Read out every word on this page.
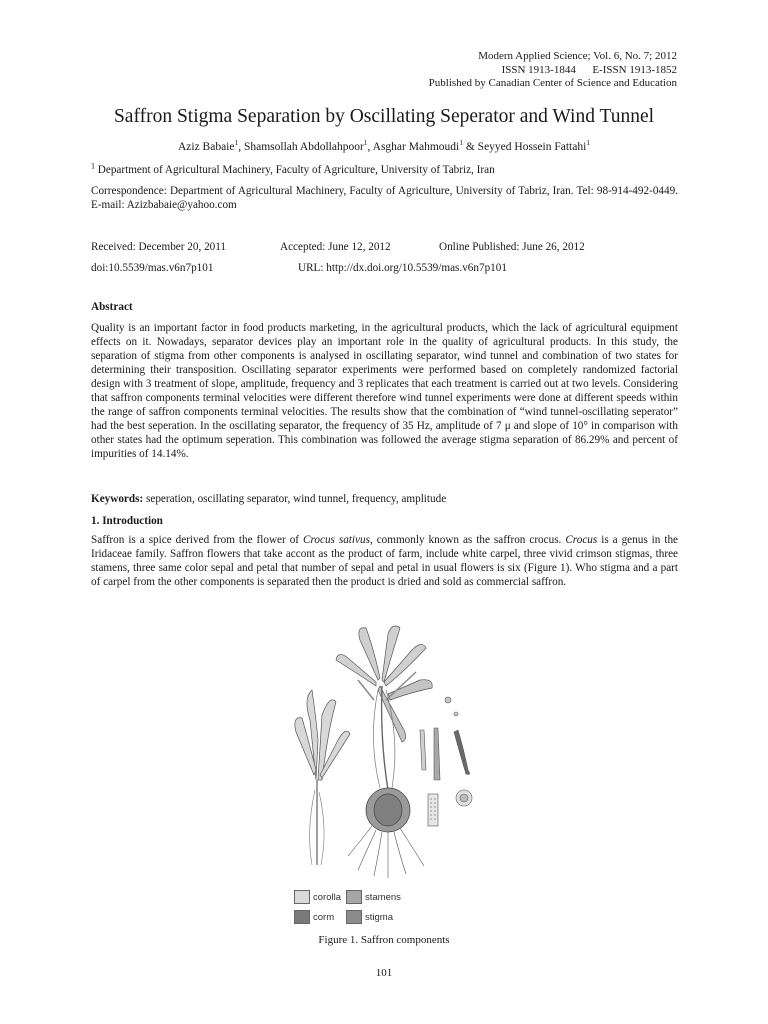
Modern Applied Science; Vol. 6, No. 7; 2012
ISSN 1913-1844      E-ISSN 1913-1852
Published by Canadian Center of Science and Education
Saffron Stigma Separation by Oscillating Seperator and Wind Tunnel
Aziz Babaie$^1$, Shamsollah Abdollahpoor$^1$, Asghar Mahmoudi$^1$ & Seyyed Hossein Fattahi$^1$
$^1$ Department of Agricultural Machinery, Faculty of Agriculture, University of Tabriz, Iran
Correspondence: Department of Agricultural Machinery, Faculty of Agriculture, University of Tabriz, Iran. Tel: 98-914-492-0449. E-mail: Azizbabaie@yahoo.com
Received: December 20, 2011	Accepted: June 12, 2012	Online Published: June 26, 2012
doi:10.5539/mas.v6n7p101	URL: http://dx.doi.org/10.5539/mas.v6n7p101
Abstract
Quality is an important factor in food products marketing, in the agricultural products, which the lack of agricultural equipment effects on it. Nowadays, separator devices play an important role in the quality of agricultural products. In this study, the separation of stigma from other components is analysed in oscillating separator, wind tunnel and combination of two states for determining their transposition. Oscillating separator experiments were performed based on completely randomized factorial design with 3 treatment of slope, amplitude, frequency and 3 replicates that each treatment is carried out at two levels. Considering that saffron components terminal velocities were different therefore wind tunnel experiments were done at different speeds within the range of saffron components terminal velocities. The results show that the combination of “wind tunnel-oscillating seperator” had the best seperation. In the oscillating separator, the frequency of 35 Hz, amplitude of 7 μ and slope of 10° in comparison with other states had the optimum seperation. This combination was followed the average stigma separation of 86.29% and percent of impurities of 14.14%.
Keywords: seperation, oscillating separator, wind tunnel, frequency, amplitude
1. Introduction
Saffron is a spice derived from the flower of Crocus sativus, commonly known as the saffron crocus. Crocus is a genus in the Iridaceae family. Saffron flowers that take accont as the product of farm, include white carpel, three vivid crimson stigmas, three stamens, three same color sepal and petal that number of sepal and petal in usual flowers is six (Figure 1). Who stigma and a part of carpel from the other components is separated then the product is dried and sold as commercial saffron.
corolla	stamens
corm	stigma
Figure 1. Saffron components
101
